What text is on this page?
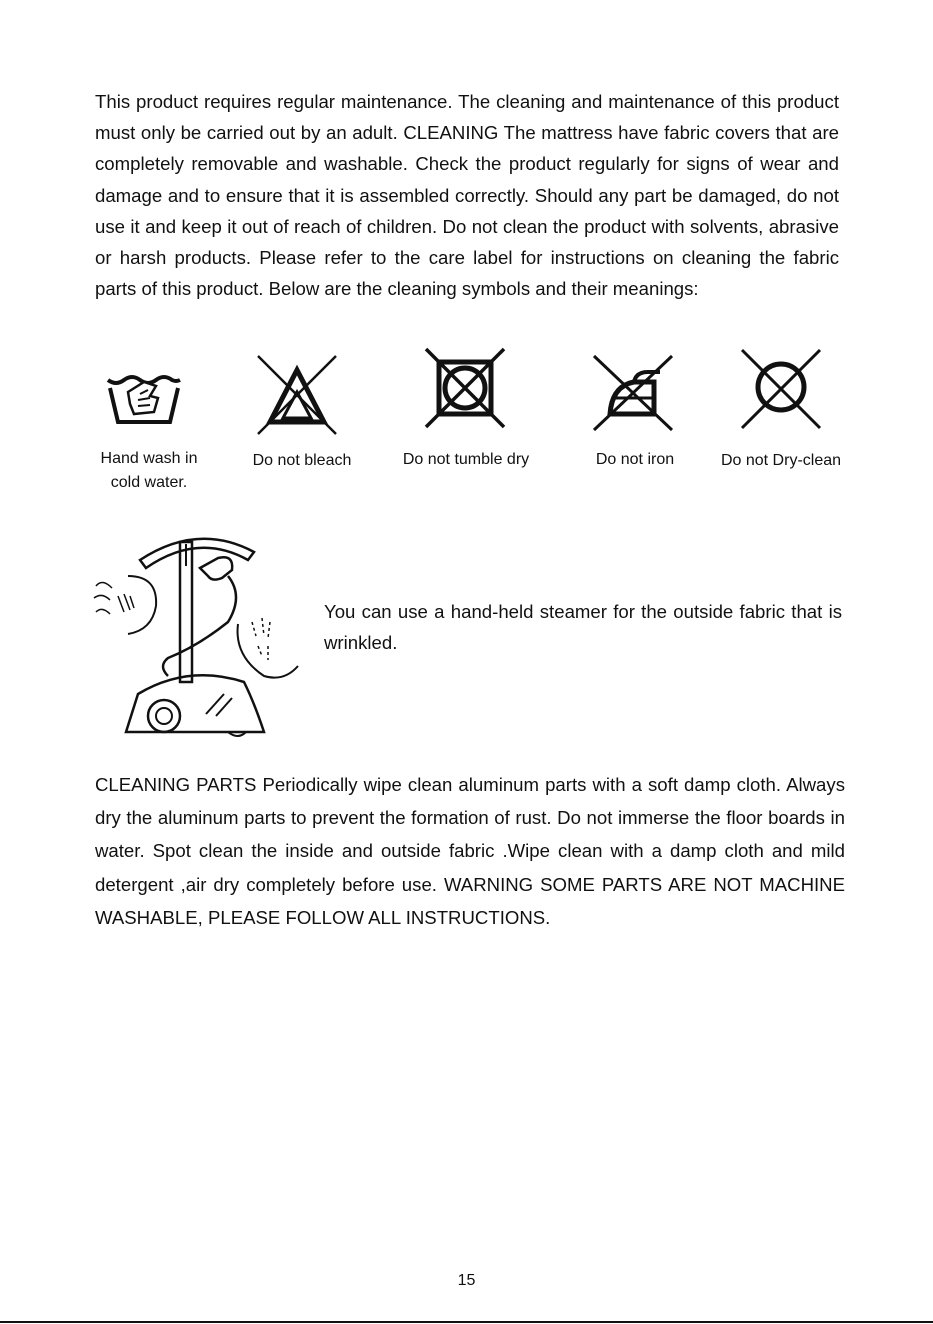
This product requires regular maintenance. The cleaning and maintenance of this product must only be carried out by an adult. CLEANING The mattress have fabric covers that are completely removable and washable. Check the product regularly for signs of wear and damage and to ensure that it is assembled correctly. Should any part be damaged, do not use it and keep it out of reach of children. Do not clean the product with solvents, abrasive or harsh products. Please refer to the care label for instructions on cleaning the fabric parts of this product. Below are the cleaning symbols and their meanings:

Hand wash in
cold water.
Do not bleach	Do not tumble dry	Do not iron	Do not Dry-clean

You can use a hand-held steamer for the outside fabric that is wrinkled.

CLEANING PARTS Periodically wipe clean aluminum parts with a soft damp cloth. Always dry the aluminum parts to prevent the formation of rust. Do not immerse the floor boards in water. Spot clean the inside and outside fabric .Wipe clean with a damp cloth and mild detergent ,air dry completely before use. WARNING SOME PARTS ARE NOT MACHINE WASHABLE, PLEASE FOLLOW ALL INSTRUCTIONS.

15
